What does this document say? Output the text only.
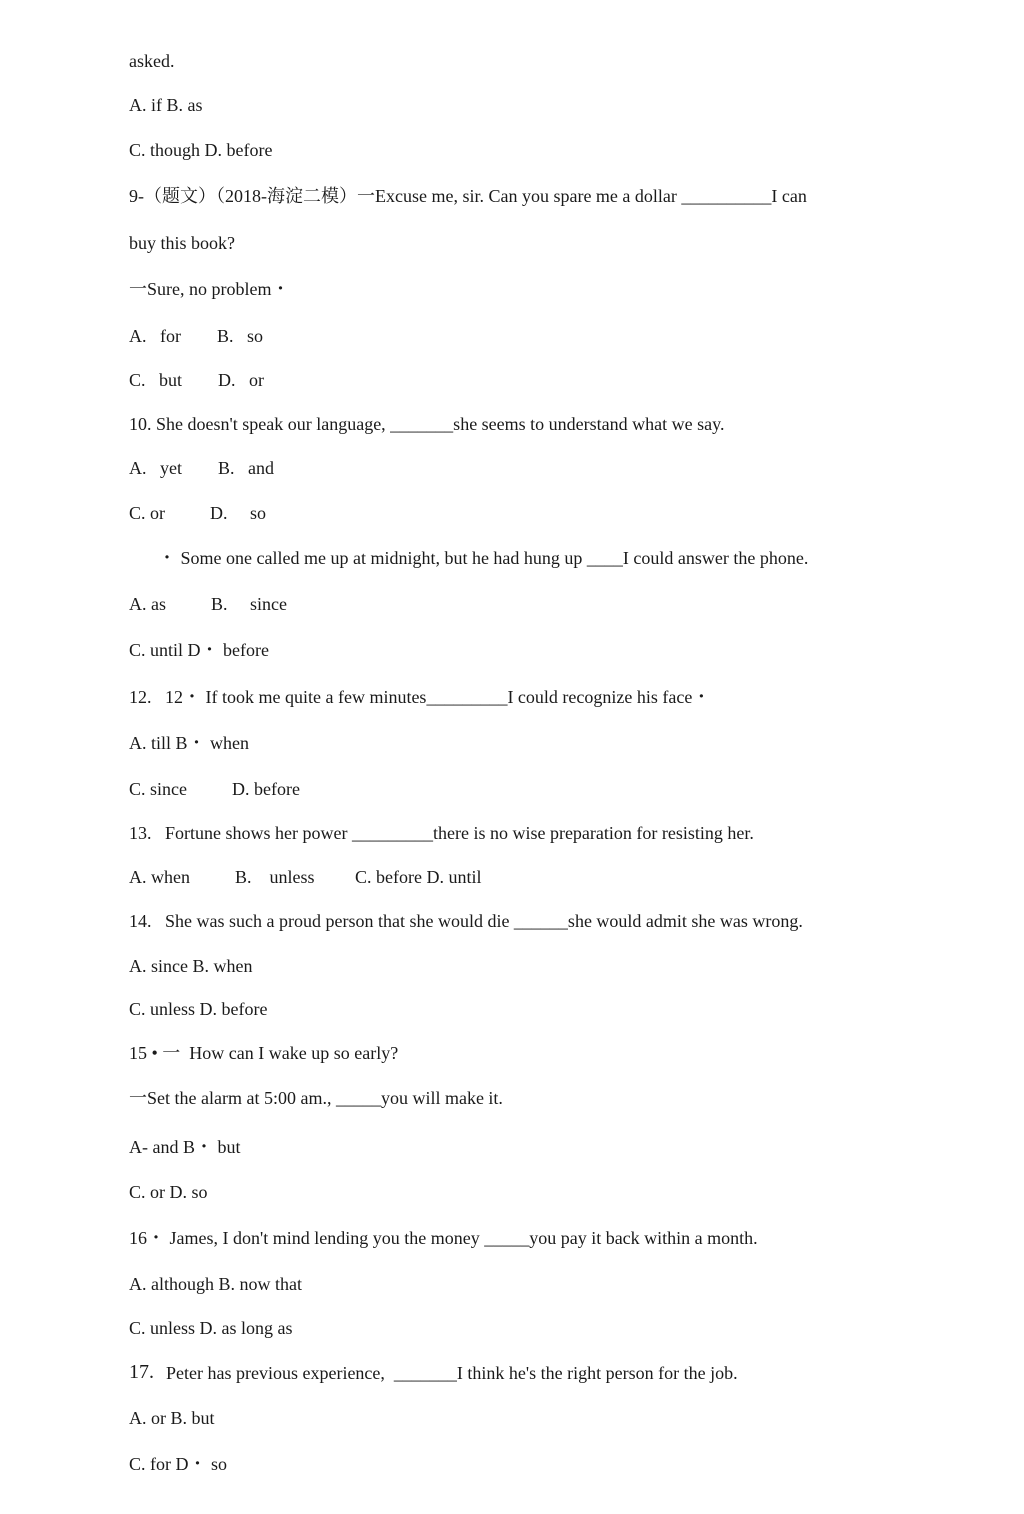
asked.
A. if B. as
C. though D. before
9-（题文）（2018-海淀二模）一Excuse me, sir. Can you spare me a dollar __________I can
buy this book?
一Sure, no problem・
A.   for        B.   so
C.   but        D.   or
10. She doesn't speak our language, _______she seems to understand what we say.
A.   yet        B.   and
C. or          D.     so
・ Some one called me up at midnight, but he had hung up ____I could answer the phone.
A. as          B.     since
C. until D・ before
12.   12・ If took me quite a few minutes_________I could recognize his face・
A. till B・ when
C. since          D. before
13.   Fortune shows her power _________there is no wise preparation for resisting her.
A. when          B.    unless         C. before D. until
14.   She was such a proud person that she would die ______she would admit she was wrong.
A. since B. when
C. unless D. before
15 • 一  How can I wake up so early?
一Set the alarm at 5:00 am., _____you will make it.
A- and B・ but
C. or D. so
16・ James, I don't mind lending you the money _____you pay it back within a month.
A. although B. now that
C. unless D. as long as
17. Peter has previous experience,  _______I think he's the right person for the job.
A. or B. but
C. for D・ so
